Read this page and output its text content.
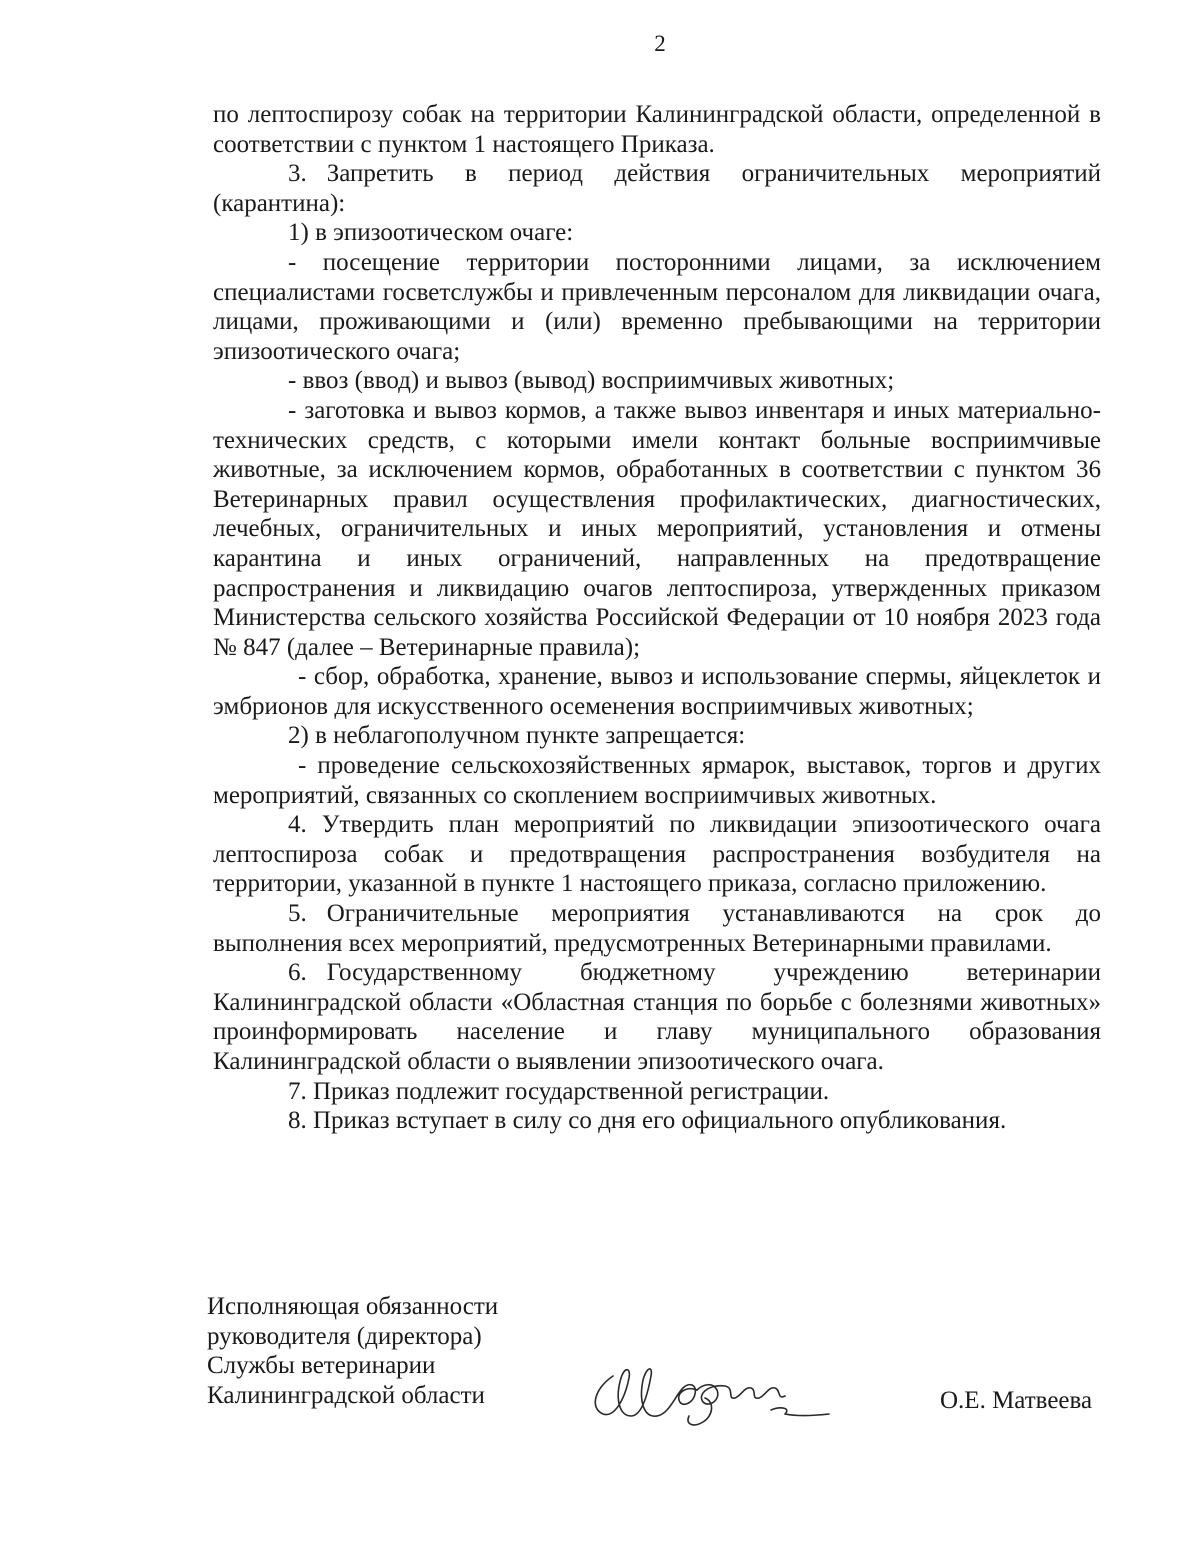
2

по лептоспирозу собак на территории Калининградской области, определенной в соответствии с пунктом 1 настоящего Приказа.

3. Запретить в период действия ограничительных мероприятий (карантина):

1) в эпизоотическом очаге:

- посещение территории посторонними лицами, за исключением специалистами госветслужбы и привлеченным персоналом для ликвидации очага, лицами, проживающими и (или) временно пребывающими на территории эпизоотического очага;

- ввоз (ввод) и вывоз (вывод) восприимчивых животных;

- заготовка и вывоз кормов, а также вывоз инвентаря и иных материально-технических средств, с которыми имели контакт больные восприимчивые животные, за исключением кормов, обработанных в соответствии с пунктом 36 Ветеринарных правил осуществления профилактических, диагностических, лечебных, ограничительных и иных мероприятий, установления и отмены карантина и иных ограничений, направленных на предотвращение распространения и ликвидацию очагов лептоспироза, утвержденных приказом Министерства сельского хозяйства Российской Федерации от 10 ноября 2023 года № 847 (далее – Ветеринарные правила);

- сбор, обработка, хранение, вывоз и использование спермы, яйцеклеток и эмбрионов для искусственного осеменения восприимчивых животных;

2) в неблагополучном пункте запрещается:

- проведение сельскохозяйственных ярмарок, выставок, торгов и других мероприятий, связанных со скоплением восприимчивых животных.

4. Утвердить план мероприятий по ликвидации эпизоотического очага лептоспироза собак и предотвращения распространения возбудителя на территории, указанной в пункте 1 настоящего приказа, согласно приложению.

5. Ограничительные мероприятия устанавливаются на срок до выполнения всех мероприятий, предусмотренных Ветеринарными правилами.

6. Государственному бюджетному учреждению ветеринарии Калининградской области «Областная станция по борьбе с болезнями животных» проинформировать население и главу муниципального образования Калининградской области о выявлении эпизоотического очага.

7. Приказ подлежит государственной регистрации.

8. Приказ вступает в силу со дня его официального опубликования.

Исполняющая обязанности
руководителя (директора)
Службы ветеринарии
Калининградской области	О.Е. Матвеева
